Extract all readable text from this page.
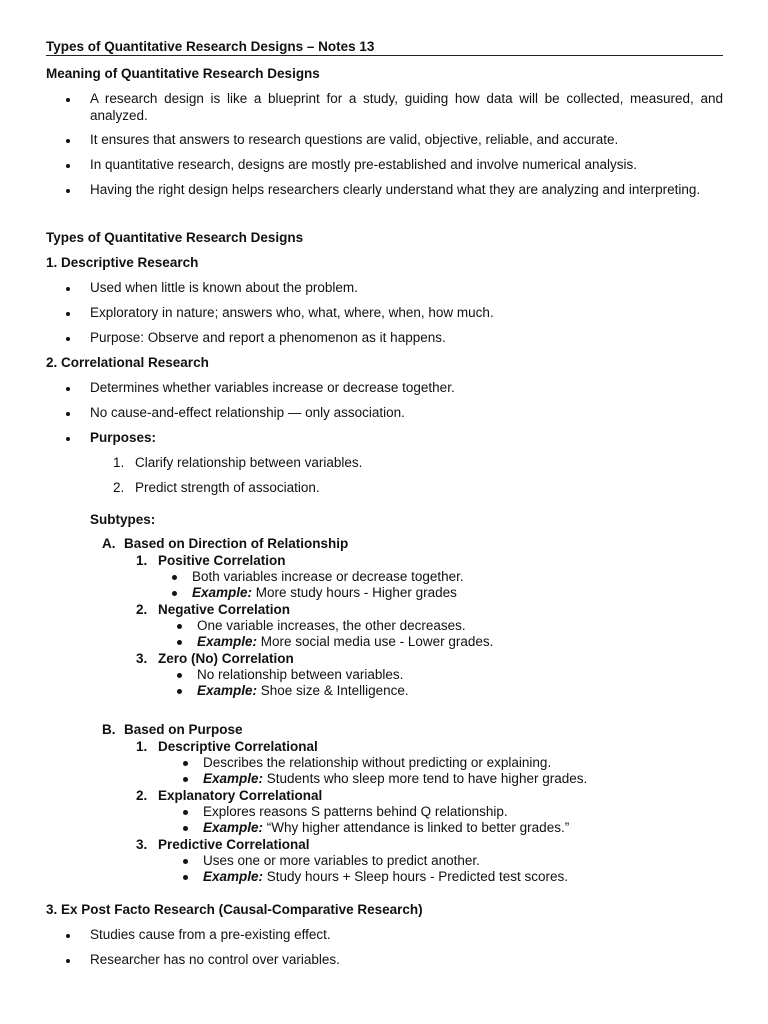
Types of Quantitative Research Designs – Notes 13
Meaning of Quantitative Research Designs
A research design is like a blueprint for a study, guiding how data will be collected, measured, and analyzed.
It ensures that answers to research questions are valid, objective, reliable, and accurate.
In quantitative research, designs are mostly pre-established and involve numerical analysis.
Having the right design helps researchers clearly understand what they are analyzing and interpreting.
Types of Quantitative Research Designs
1. Descriptive Research
Used when little is known about the problem.
Exploratory in nature; answers who, what, where, when, how much.
Purpose: Observe and report a phenomenon as it happens.
2. Correlational Research
Determines whether variables increase or decrease together.
No cause-and-effect relationship — only association.
Purposes:
1. Clarify relationship between variables.
2. Predict strength of association.
Subtypes:
A. Based on Direction of Relationship
1. Positive Correlation
Both variables increase or decrease together.
Example: More study hours - Higher grades
2. Negative Correlation
One variable increases, the other decreases.
Example: More social media use - Lower grades.
3. Zero (No) Correlation
No relationship between variables.
Example: Shoe size & Intelligence.
B. Based on Purpose
1. Descriptive Correlational
Describes the relationship without predicting or explaining.
Example: Students who sleep more tend to have higher grades.
2. Explanatory Correlational
Explores reasons S patterns behind Q relationship.
Example: “Why higher attendance is linked to better grades.”
3. Predictive Correlational
Uses one or more variables to predict another.
Example: Study hours + Sleep hours - Predicted test scores.
3. Ex Post Facto Research (Causal-Comparative Research)
Studies cause from a pre-existing effect.
Researcher has no control over variables.
